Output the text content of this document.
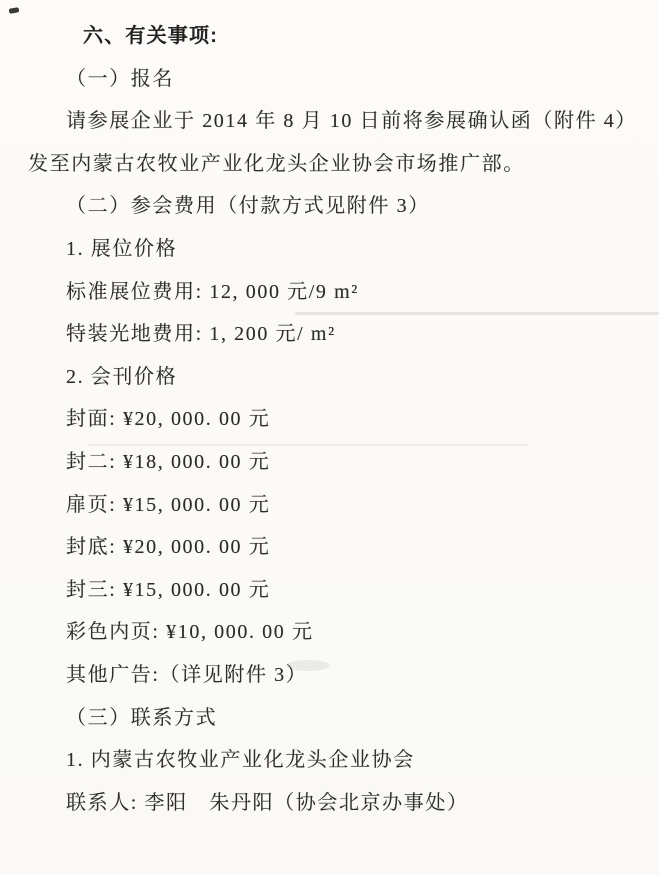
六、有关事项:
（一）报名
请参展企业于 2014 年 8 月 10 日前将参展确认函（附件 4）
发至内蒙古农牧业产业化龙头企业协会市场推广部。
（二）参会费用（付款方式见附件 3）
1. 展位价格
标准展位费用: 12, 000 元/9 m²
特装光地费用: 1, 200 元/ m²
2. 会刊价格
封面: ¥20, 000. 00 元
封二: ¥18, 000. 00 元
扉页: ¥15, 000. 00 元
封底: ¥20, 000. 00 元
封三: ¥15, 000. 00 元
彩色内页: ¥10, 000. 00 元
其他广告:（详见附件 3）
（三）联系方式
1. 内蒙古农牧业产业化龙头企业协会
联系人: 李阳　朱丹阳（协会北京办事处）
